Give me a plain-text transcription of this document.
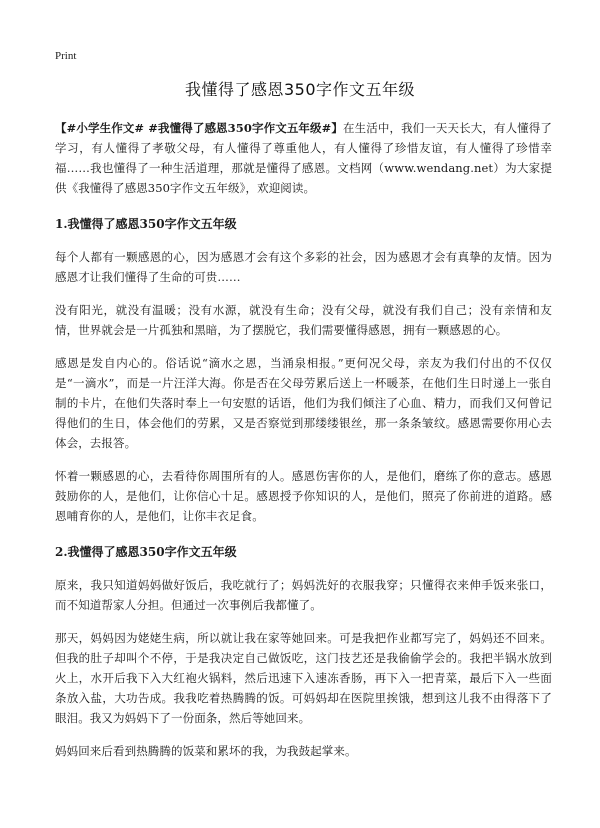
Print
我懂得了感恩350字作文五年级

【#小学生作文# #我懂得了感恩350字作文五年级#】在生活中，我们一天天长大，有人懂得了学习，有人懂得了孝敬父母，有人懂得了尊重他人，有人懂得了珍惜友谊，有人懂得了珍惜幸福……我也懂得了一种生活道理，那就是懂得了感恩。文档网（www.wendang.net）为大家提供《我懂得了感恩350字作文五年级》，欢迎阅读。

1.我懂得了感恩350字作文五年级

每个人都有一颗感恩的心，因为感恩才会有这个多彩的社会，因为感恩才会有真挚的友情。因为感恩才让我们懂得了生命的可贵……

没有阳光，就没有温暖；没有水源，就没有生命；没有父母，就没有我们自己；没有亲情和友情，世界就会是一片孤独和黑暗，为了摆脱它，我们需要懂得感恩，拥有一颗感恩的心。

感恩是发自内心的。俗话说“滴水之恩，当涌泉相报。”更何况父母，亲友为我们付出的不仅仅是“一滴水”，而是一片汪洋大海。你是否在父母劳累后送上一杯暖茶，在他们生日时递上一张自制的卡片，在他们失落时奉上一句安慰的话语，他们为我们倾注了心血、精力，而我们又何曾记得他们的生日，体会他们的劳累，又是否察觉到那缕缕银丝，那一条条皱纹。感恩需要你用心去体会，去报答。

怀着一颗感恩的心，去看待你周围所有的人。感恩伤害你的人，是他们，磨练了你的意志。感恩鼓励你的人，是他们，让你信心十足。感恩授予你知识的人，是他们，照亮了你前进的道路。感恩哺育你的人，是他们，让你丰衣足食。

2.我懂得了感恩350字作文五年级

原来，我只知道妈妈做好饭后，我吃就行了；妈妈洗好的衣服我穿；只懂得衣来伸手饭来张口，而不知道帮家人分担。但通过一次事例后我都懂了。

那天，妈妈因为姥姥生病，所以就让我在家等她回来。可是我把作业都写完了，妈妈还不回来。但我的肚子却叫个不停，于是我决定自己做饭吃，这门技艺还是我偷偷学会的。我把半锅水放到火上，水开后我下入大红袍火锅料，然后迅速下入速冻香肠，再下入一把青菜，最后下入一些面条放入盐，大功告成。我我吃着热腾腾的饭。可妈妈却在医院里挨饿，想到这儿我不由得落下了眼泪。我又为妈妈下了一份面条，然后等她回来。

妈妈回来后看到热腾腾的饭菜和累坏的我，为我鼓起掌来。
